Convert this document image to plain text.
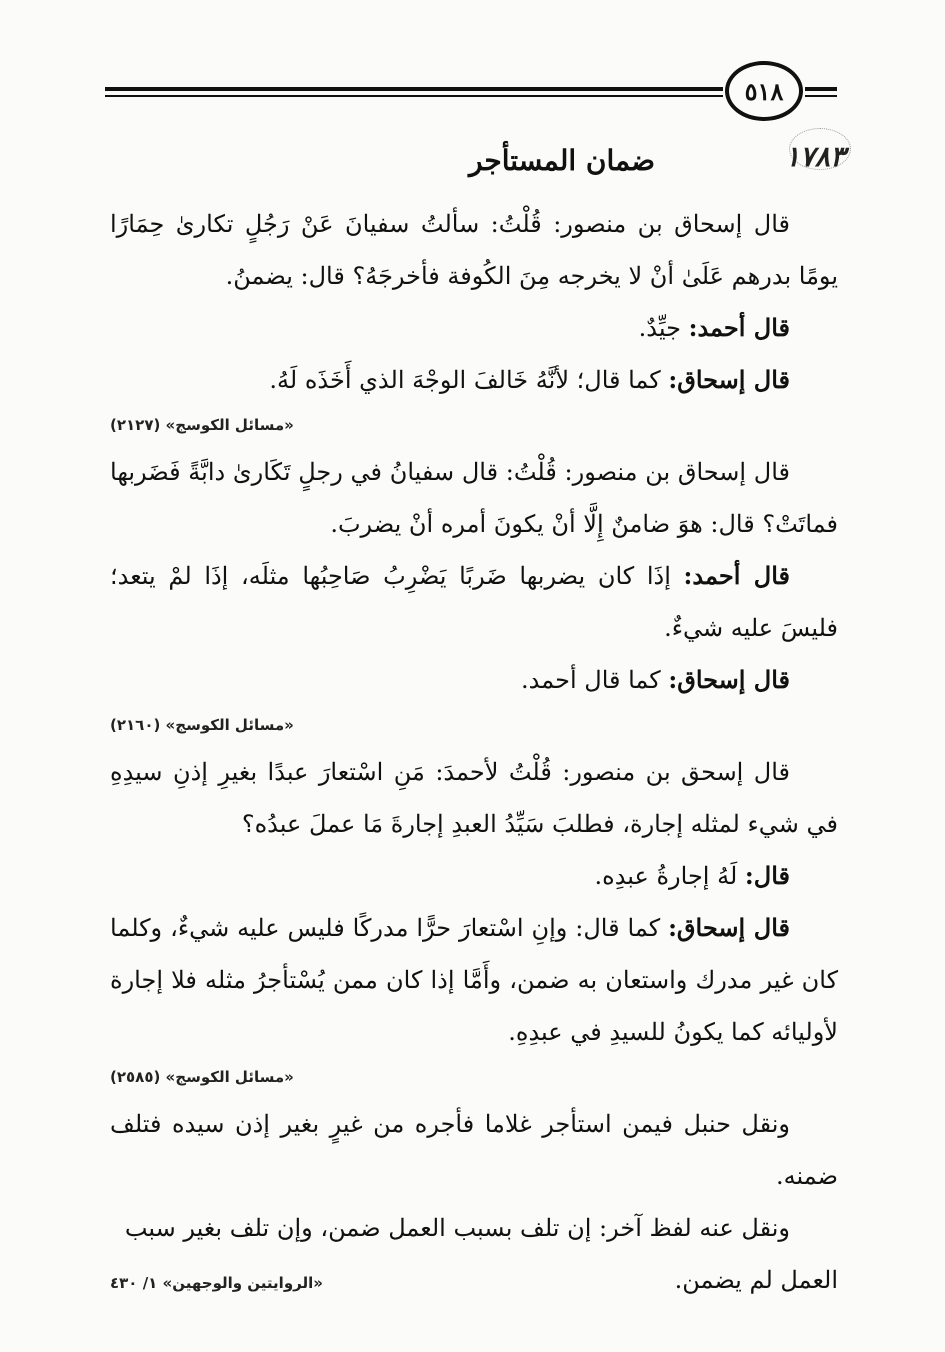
٥١٨
١٧٨٣
ضمان المستأجر

قال إسحاق بن منصور: قُلْتُ: سألتُ سفيانَ عَنْ رَجُلٍ تكارىٰ حِمَارًا يومًا بدرهم عَلَىٰ أنْ لا يخرجه مِنَ الكُوفة فأخرجَهُ؟ قال: يضمنُ.

قال أحمد: جيِّدٌ.

قال إسحاق: كما قال؛ لأنَّهُ خَالفَ الوجْهَ الذي أَخَذَه لَهُ.

«مسائل الكوسج» (٢١٢٧)

قال إسحاق بن منصور: قُلْتُ: قال سفيانُ في رجلٍ تَكَارىٰ دابَّةً فَضَربها فماتَتْ؟ قال: هوَ ضامنٌ إِلَّا أنْ يكونَ أمره أنْ يضربَ.

قال أحمد: إذَا كان يضربها ضَربًا يَضْرِبُ صَاحِبُها مثلَه، إذَا لمْ يتعد؛ فليسَ عليه شيءٌ.

قال إسحاق: كما قال أحمد.

«مسائل الكوسج» (٢١٦٠)

قال إسحق بن منصور: قُلْتُ لأحمدَ: مَنِ اسْتعارَ عبدًا بغيرِ إذنِ سيدِهِ في شيء لمثله إجارة، فطلبَ سَيِّدُ العبدِ إجارةَ مَا عملَ عبدُه؟

قال: لَهُ إجارةُ عبدِه.

قال إسحاق: كما قال: وإنِ اسْتعارَ حرًّا مدركًا فليس عليه شيءٌ، وكلما كان غير مدرك واستعان به ضمن، وأَمَّا إذا كان ممن يُسْتأجرُ مثله فلا إجارة لأوليائه كما يكونُ للسيدِ في عبدِهِ.

«مسائل الكوسج» (٢٥٨٥)

ونقل حنبل فيمن استأجر غلاما فأجره من غيرٍ بغير إذن سيده فتلف ضمنه.

ونقل عنه لفظ آخر: إن تلف بسبب العمل ضمن، وإن تلف بغير سبب

العمل لم يضمن.

«الروايتين والوجهين» ١/ ٤٣٠
